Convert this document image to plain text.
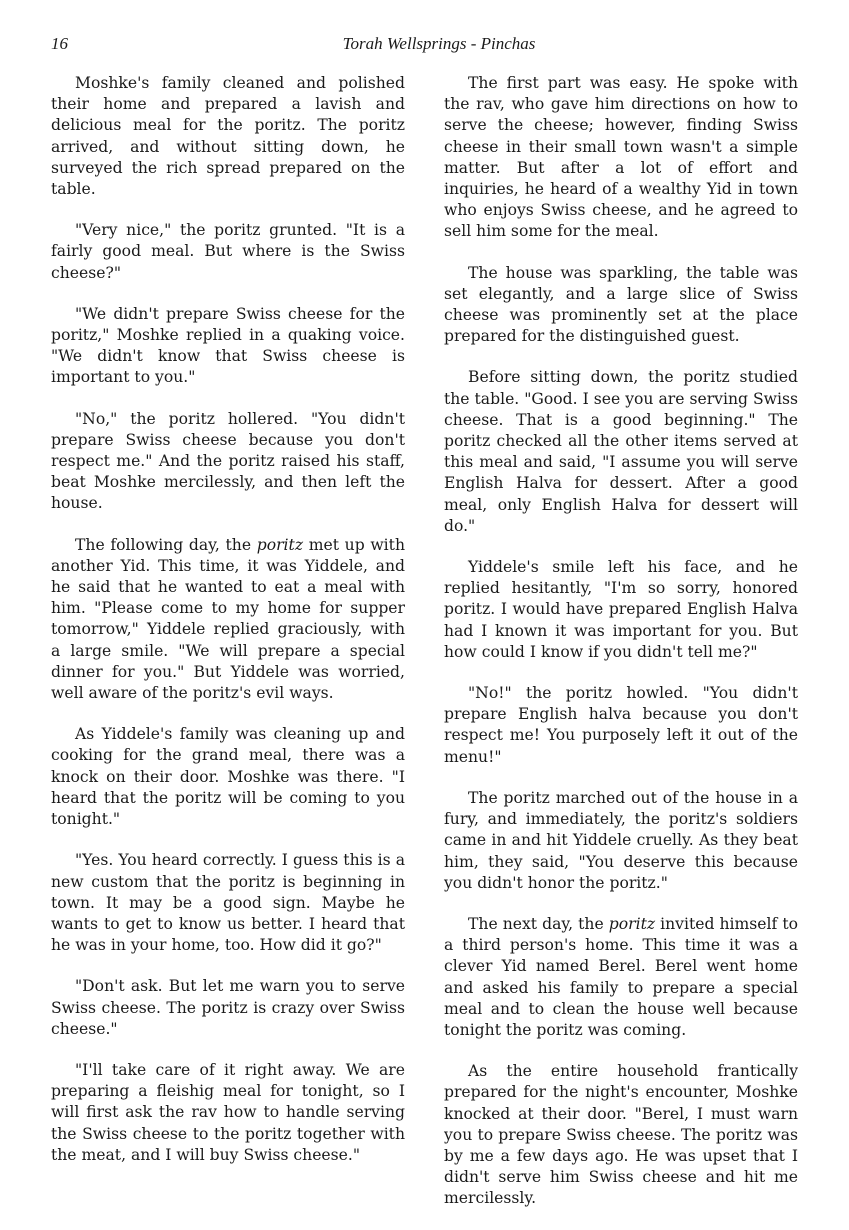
16	Torah Wellsprings - Pinchas

Moshke's family cleaned and polished their home and prepared a lavish and delicious meal for the poritz. The poritz arrived, and without sitting down, he surveyed the rich spread prepared on the table.

"Very nice," the poritz grunted. "It is a fairly good meal. But where is the Swiss cheese?"

"We didn't prepare Swiss cheese for the poritz," Moshke replied in a quaking voice. "We didn't know that Swiss cheese is important to you."

"No," the poritz hollered. "You didn't prepare Swiss cheese because you don't respect me." And the poritz raised his staff, beat Moshke mercilessly, and then left the house.

The following day, the poritz met up with another Yid. This time, it was Yiddele, and he said that he wanted to eat a meal with him. "Please come to my home for supper tomorrow," Yiddele replied graciously, with a large smile. "We will prepare a special dinner for you." But Yiddele was worried, well aware of the poritz's evil ways.

As Yiddele's family was cleaning up and cooking for the grand meal, there was a knock on their door. Moshke was there. "I heard that the poritz will be coming to you tonight."

"Yes. You heard correctly. I guess this is a new custom that the poritz is beginning in town. It may be a good sign. Maybe he wants to get to know us better. I heard that he was in your home, too. How did it go?"

"Don't ask. But let me warn you to serve Swiss cheese. The poritz is crazy over Swiss cheese."

"I'll take care of it right away. We are preparing a fleishig meal for tonight, so I will first ask the rav how to handle serving the Swiss cheese to the poritz together with the meat, and I will buy Swiss cheese."

The first part was easy. He spoke with the rav, who gave him directions on how to serve the cheese; however, finding Swiss cheese in their small town wasn't a simple matter. But after a lot of effort and inquiries, he heard of a wealthy Yid in town who enjoys Swiss cheese, and he agreed to sell him some for the meal.

The house was sparkling, the table was set elegantly, and a large slice of Swiss cheese was prominently set at the place prepared for the distinguished guest.

Before sitting down, the poritz studied the table. "Good. I see you are serving Swiss cheese. That is a good beginning." The poritz checked all the other items served at this meal and said, "I assume you will serve English Halva for dessert. After a good meal, only English Halva for dessert will do."

Yiddele's smile left his face, and he replied hesitantly, "I'm so sorry, honored poritz. I would have prepared English Halva had I known it was important for you. But how could I know if you didn't tell me?"

"No!" the poritz howled. "You didn't prepare English halva because you don't respect me! You purposely left it out of the menu!"

The poritz marched out of the house in a fury, and immediately, the poritz's soldiers came in and hit Yiddele cruelly. As they beat him, they said, "You deserve this because you didn't honor the poritz."

The next day, the poritz invited himself to a third person's home. This time it was a clever Yid named Berel. Berel went home and asked his family to prepare a special meal and to clean the house well because tonight the poritz was coming.

As the entire household frantically prepared for the night's encounter, Moshke knocked at their door. "Berel, I must warn you to prepare Swiss cheese. The poritz was by me a few days ago. He was upset that I didn't serve him Swiss cheese and hit me mercilessly.
